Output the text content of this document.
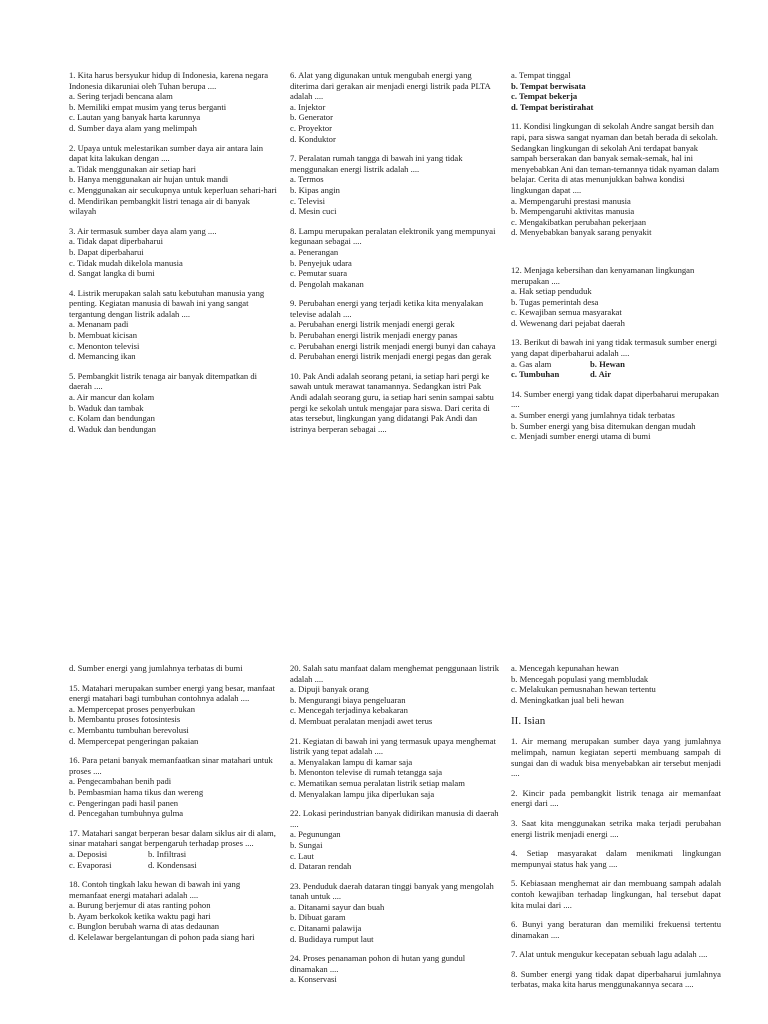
1. Kita harus bersyukur hidup di Indonesia, karena negara Indonesia dikaruniai oleh Tuhan berupa ....
a. Sering terjadi bencana alam
b. Memiliki empat musim yang terus berganti
c. Lautan yang banyak harta karunnya
d. Sumber daya alam yang melimpah
2. Upaya untuk melestarikan sumber daya air antara lain dapat kita lakukan dengan ....
a. Tidak menggunakan air setiap hari
b. Hanya menggunakan air hujan untuk mandi
c. Menggunakan air secukupnya untuk keperluan sehari-hari
d. Mendirikan pembangkit listri tenaga air di banyak wilayah
3. Air termasuk sumber daya alam yang ....
a. Tidak dapat diperbaharui
b. Dapat diperbaharui
c. Tidak mudah dikelola manusia
d. Sangat langka di bumi
4. Listrik merupakan salah satu kebutuhan manusia yang penting. Kegiatan manusia di bawah ini yang sangat tergantung dengan listrik adalah ....
a. Menanam padi
b. Membuat kicisan
c. Menonton televisi
d. Memancing ikan
5. Pembangkit listrik tenaga air banyak ditempatkan di daerah ....
a. Air mancur dan kolam
b. Waduk dan tambak
c. Kolam dan bendungan
d. Waduk dan bendungan
6. Alat yang digunakan untuk mengubah energi yang diterima dari gerakan air menjadi energi listrik pada PLTA adalah ....
a. Injektor
b. Generator
c. Proyektor
d. Konduktor
7. Peralatan rumah tangga di bawah ini yang tidak menggunakan energi listrik adalah ....
a. Termos
b. Kipas angin
c. Televisi
d. Mesin cuci
8. Lampu merupakan peralatan elektronik yang mempunyai kegunaan sebagai ....
a. Penerangan
b. Penyejuk udara
c. Pemutar suara
d. Pengolah makanan
9. Perubahan energi yang terjadi ketika kita menyalakan televise adalah ....
a. Perubahan energi listrik menjadi energi gerak
b. Perubahan energi listrik menjadi energy panas
c. Perubahan energi listrik menjadi energi bunyi dan cahaya
d. Perubahan energi listrik menjadi energi pegas dan gerak
10. Pak Andi adalah seorang petani, ia setiap hari pergi ke sawah untuk merawat tanamannya. Sedangkan istri Pak Andi adalah seorang guru, ia setiap hari senin sampai sabtu pergi ke sekolah untuk mengajar para siswa. Dari cerita di atas tersebut, lingkungan yang didatangi Pak Andi dan istrinya berperan sebagai ....
a. Tempat tinggal
b. Tempat berwisata
c. Tempat bekerja
d. Tempat beristirahat
11. Kondisi lingkungan di sekolah Andre sangat bersih dan rapi, para siswa sangat nyaman dan betah berada di sekolah. Sedangkan lingkungan di sekolah Ani terdapat banyak sampah berserakan dan banyak semak-semak, hal ini menyebabkan Ani dan teman-temannya tidak nyaman dalam belajar. Cerita di atas menunjukkan bahwa kondisi lingkungan dapat ....
a. Mempengaruhi prestasi manusia
b. Mempengaruhi aktivitas manusia
c. Mengakibatkan perubahan pekerjaan
d. Menyebabkan banyak sarang penyakit
12. Menjaga kebersihan dan kenyamanan lingkungan merupakan ....
a. Hak setiap penduduk
b. Tugas pemerintah desa
c. Kewajiban semua masyarakat
d. Wewenang dari pejabat daerah
13. Berikut di bawah ini yang tidak termasuk sumber energi yang dapat diperbaharui adalah ....
a. Gas alam	b. Hewan
c. Tumbuhan	d. Air
14. Sumber energi yang tidak dapat diperbaharui merupakan ....
a. Sumber energi yang jumlahnya tidak terbatas
b. Sumber energi yang bisa ditemukan dengan mudah
c. Menjadi sumber energi utama di bumi
d. Sumber energi yang jumlahnya terbatas di bumi
15. Matahari merupakan sumber energi yang besar, manfaat energi matahari bagi tumbuhan contohnya adalah ....
a. Mempercepat proses penyerbukan
b. Membantu proses fotosintesis
c. Membantu tumbuhan berevolusi
d. Mempercepat pengeringan pakaian
16. Para petani banyak memanfaatkan sinar matahari untuk proses ....
a. Pengecambahan benih padi
b. Pembasmian hama tikus dan wereng
c. Pengeringan padi hasil panen
d. Pencegahan tumbuhnya gulma
17. Matahari sangat berperan besar dalam siklus air di alam, sinar matahari sangat berpengaruh terhadap proses ....
a. Deposisi	b. Infiltrasi
c. Evaporasi	d. Kondensasi
18. Contoh tingkah laku hewan di bawah ini yang memanfaat energi matahari adalah ....
a. Burung berjemur di atas ranting pohon
b. Ayam berkokok ketika waktu pagi hari
c. Bunglon berubah warna di atas dedaunan
d. Kelelawar bergelantungan di pohon pada siang hari
20. Salah satu manfaat dalam menghemat penggunaan listrik adalah ....
a. Dipuji banyak orang
b. Mengurangi biaya pengeluaran
c. Mencegah terjadinya kebakaran
d. Membuat peralatan menjadi awet terus
21. Kegiatan di bawah ini yang termasuk upaya menghemat listrik yang tepat adalah ....
a. Menyalakan lampu di kamar saja
b. Menonton televise di rumah tetangga saja
c. Mematikan semua peralatan listrik setiap malam
d. Menyalakan lampu jika diperlukan saja
22. Lokasi perindustrian banyak didirikan manusia di daerah ....
a. Pegunungan
b. Sungai
c. Laut
d. Dataran rendah
23. Penduduk daerah dataran tinggi banyak yang mengolah tanah untuk ....
a. Ditanami sayur dan buah
b. Dibuat garam
c. Ditanami palawija
d. Budidaya rumput laut
24. Proses penanaman pohon di hutan yang gundul dinamakan ....
a. Konservasi
a. Mencegah kepunahan hewan
b. Mencegah populasi yang membludak
c. Melakukan pemusnahan hewan tertentu
d. Meningkatkan jual beli hewan
II. Isian
1. Air memang merupakan sumber daya yang jumlahnya melimpah, namun kegiatan seperti membuang sampah di sungai dan di waduk bisa menyebabkan air tersebut menjadi ....
2. Kincir pada pembangkit listrik tenaga air memanfaat energi dari ....
3. Saat kita menggunakan setrika maka terjadi perubahan energi listrik menjadi energi ....
4. Setiap masyarakat dalam menikmati lingkungan mempunyai status hak yang ....
5. Kebiasaan menghemat air dan membuang sampah adalah contoh kewajiban terhadap lingkungan, hal tersebut dapat kita mulai dari ....
6. Bunyi yang beraturan dan memiliki frekuensi tertentu dinamakan ....
7. Alat untuk mengukur kecepatan sebuah lagu adalah ....
8. Sumber energi yang tidak dapat diperbaharui jumlahnya terbatas, maka kita harus menggunakannya secara ....
